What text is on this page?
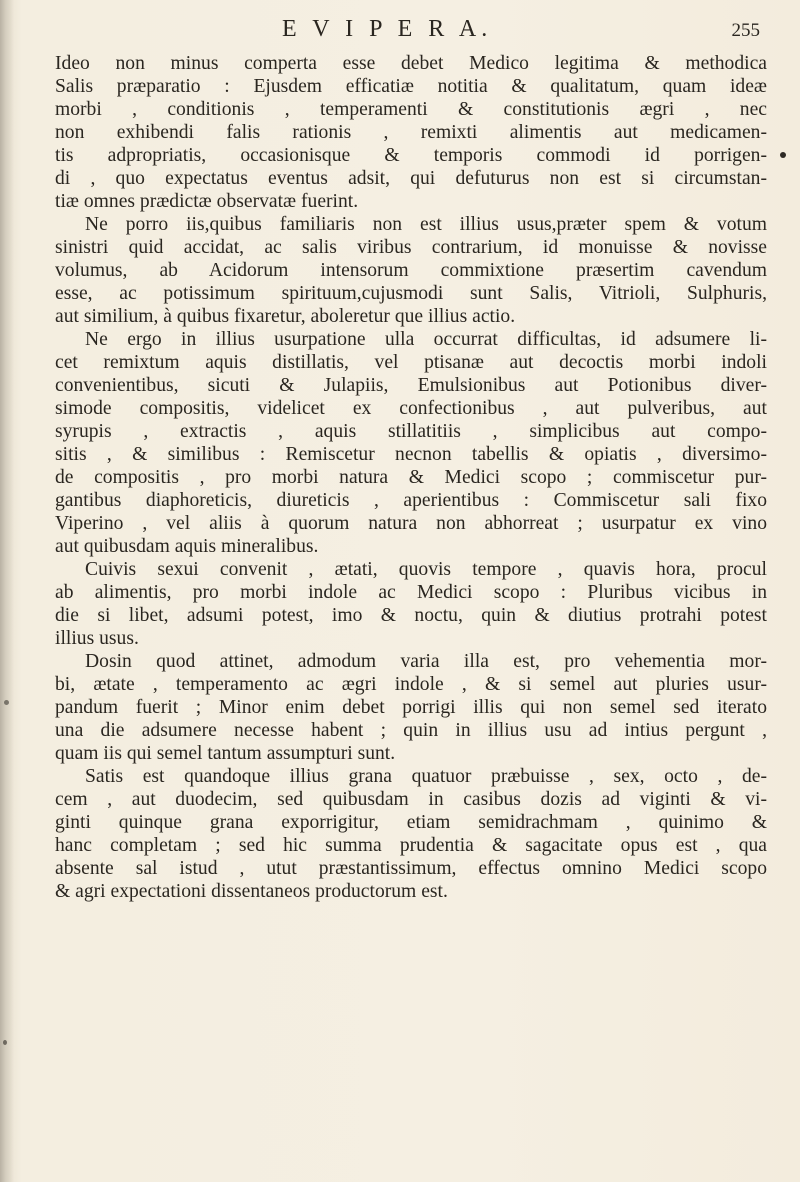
E V I P E R A.	255
Ideo non minus comperta esse debet Medico legitima & methodica
Salis præparatio : Ejusdem efficatiæ notitia & qualitatum, quam ideæ
morbi , conditionis , temperamenti & constitutionis ægri , nec
non exhibendi falis rationis , remixti alimentis aut medicamen-
tis adpropriatis, occasionisque & temporis commodi id porrigen-
di , quo expectatus eventus adsit, qui defuturus non est si circumstan-
tiæ omnes prædictæ observatæ fuerint.
Ne porro iis,quibus familiaris non est illius usus,præter spem & votum
sinistri quid accidat, ac salis viribus contrarium, id monuisse & novisse
volumus, ab Acidorum intensorum commixtione præsertim cavendum
esse, ac potissimum spirituum,cujusmodi sunt Salis, Vitrioli, Sulphuris,
aut similium, à quibus fixaretur, aboleretur que illius actio.
Ne ergo in illius usurpatione ulla occurrat difficultas, id adsumere li-
cet remixtum aquis distillatis, vel ptisanæ aut decoctis morbi indoli
convenientibus, sicuti & Julapiis, Emulsionibus aut Potionibus diver-
simode compositis, videlicet ex confectionibus , aut pulveribus, aut
syrupis , extractis , aquis stillatitiis , simplicibus aut compo-
sitis , & similibus : Remiscetur necnon tabellis & opiatis , diversimo-
de compositis , pro morbi natura & Medici scopo ; commiscetur pur-
gantibus diaphoreticis, diureticis , aperientibus : Commiscetur sali fixo
Viperino , vel aliis à quorum natura non abhorreat ; usurpatur ex vino
aut quibusdam aquis mineralibus.
Cuivis sexui convenit , ætati, quovis tempore , quavis hora, procul
ab alimentis, pro morbi indole ac Medici scopo : Pluribus vicibus in
die si libet, adsumi potest, imo & noctu, quin & diutius protrahi potest
illius usus.
Dosin quod attinet, admodum varia illa est, pro vehementia mor-
bi, ætate , temperamento ac ægri indole , & si semel aut pluries usur-
pandum fuerit ; Minor enim debet porrigi illis qui non semel sed iterato
una die adsumere necesse habent ; quin in illius usu ad intius pergunt ,
quam iis qui semel tantum assumpturi sunt.
Satis est quandoque illius grana quatuor præbuisse , sex, octo , de-
cem , aut duodecim, sed quibusdam in casibus dozis ad viginti & vi-
ginti quinque grana exporrigitur, etiam semidrachmam , quinimo &
hanc completam ; sed hic summa prudentia & sagacitate opus est , qua
absente sal istud , utut præstantissimum, effectus omnino Medici scopo
& agri expectationi dissentaneos productorum est.
